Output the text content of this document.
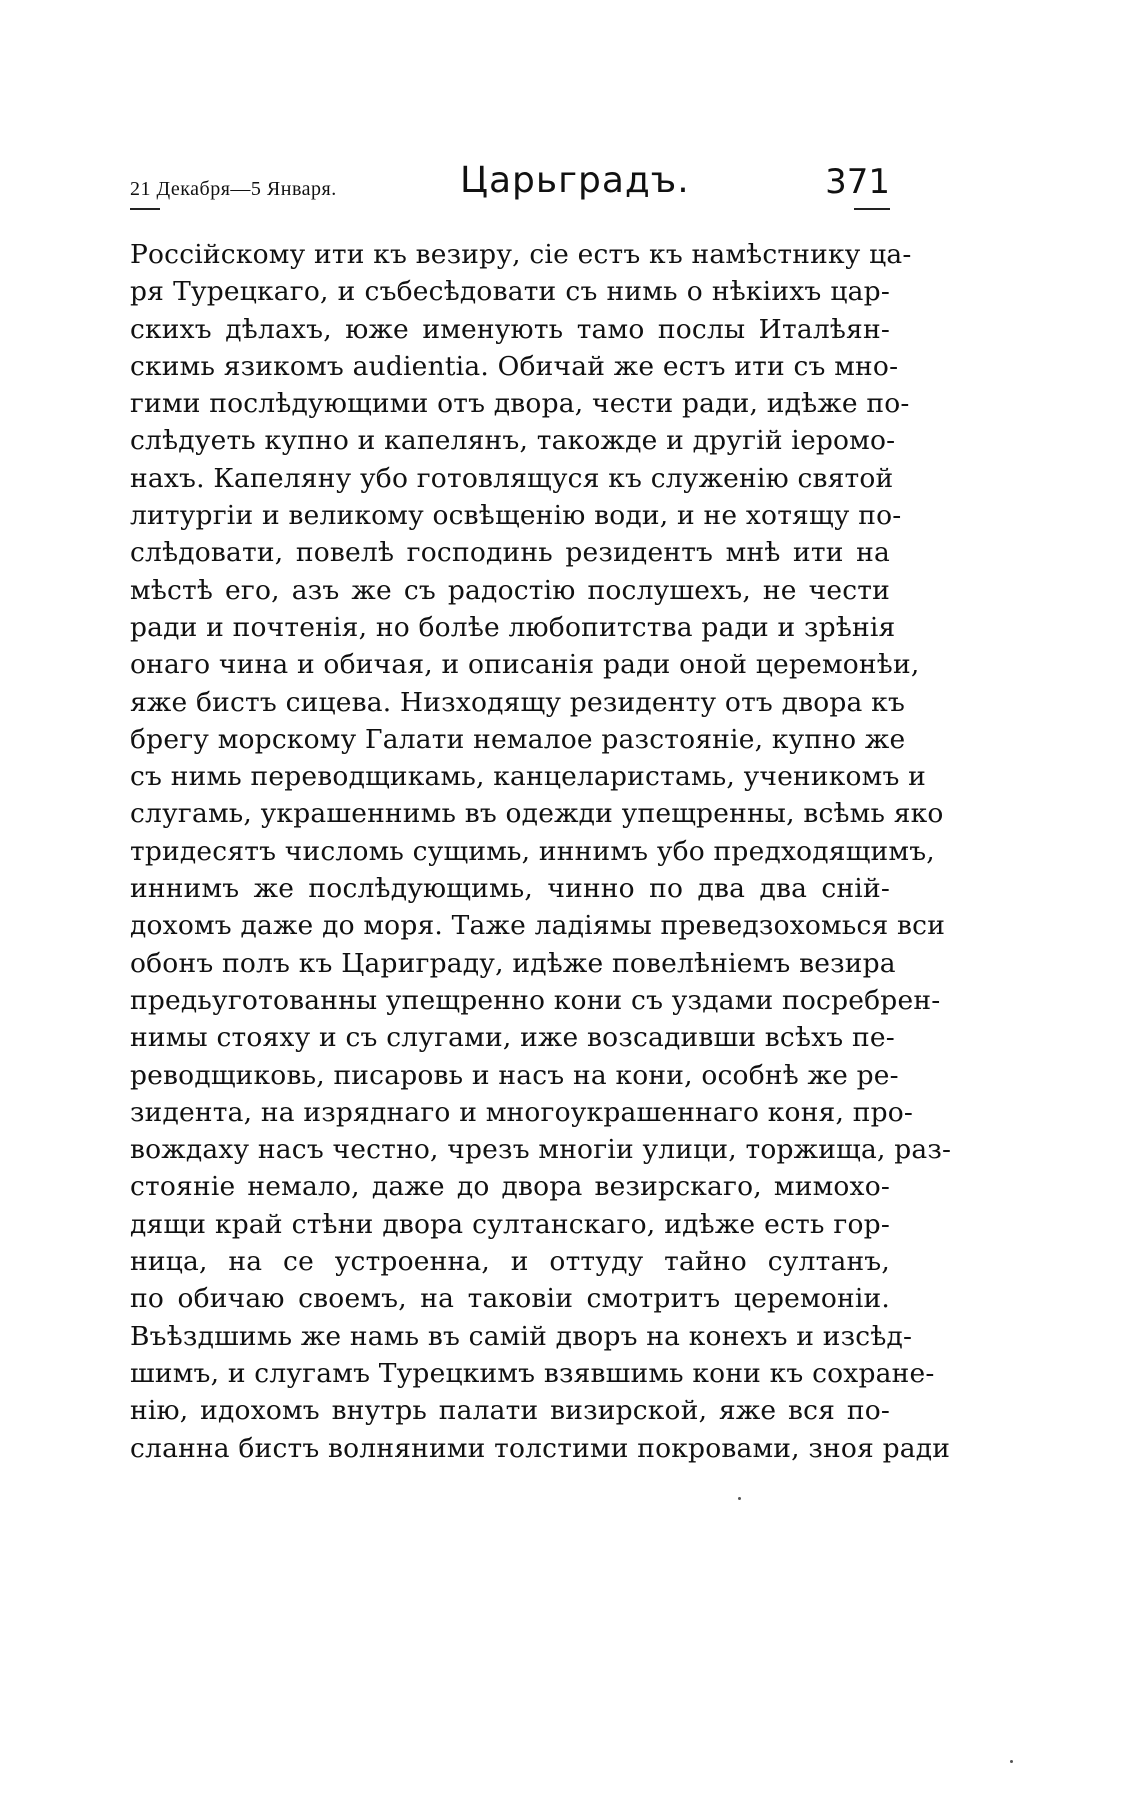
21 Декабря—5 Января.	Царьградъ.	371
Россійскому ити къ везиру, сіе естъ къ намѣстнику ца-
ря Турецкаго, и събесѣдовати съ нимь о нѣкіихъ цар-
скихъ дѣлахъ, юже именують тамо послы Италѣян-
скимь язикомъ audientia. Обичай же естъ ити съ мно-
гими послѣдующими отъ двора, чести ради, идѣже по-
слѣдуеть купно и капелянъ, такожде и другій іеромо-
нахъ. Капеляну убо готовлящуся къ служенію святой
литургіи и великому освѣщенію води, и не хотящу по-
слѣдовати, повелѣ господинь резидентъ мнѣ ити на
мѣстѣ его, азъ же съ радостію послушехъ, не чести
ради и почтенія, но болѣе любопитства ради и зрѣнія
онаго чина и обичая, и описанія ради оной церемонѣи,
яже бистъ сицева. Низходящу резиденту отъ двора къ
брегу морскому Галати немалое разстояніе, купно же
съ нимь переводщикамь, канцеларистамь, ученикомъ и
слугамь, украшеннимь въ одежди упещренны, всѣмь яко
тридесятъ числомь сущимь, иннимъ убо предходящимъ,
иннимъ же послѣдующимь, чинно по два два снiй-
дохомъ даже до моря. Таже ладіямы преведзохомься вси
обонъ полъ къ Цариграду, идѣже повелѣніемъ везира
предьуготованны упещренно кони съ уздами посребрен-
нимы стояху и съ слугами, иже возсадивши всѣхъ пе-
реводщиковь, писаровь и насъ на кони, особнѣ же ре-
зидента, на изряднаго и многоукрашеннаго коня, про-
вождаху насъ честно, чрезъ многіи улици, торжища, раз-
стояніе немало, даже до двора везирскаго, мимохо-
дящи край стѣни двора султанскаго, идѣже есть гор-
ница, на се устроенна, и оттуду тайно султанъ,
по обичаю своемъ, на таковіи смотритъ церемоніи.
Въѣздшимь же намь въ самій дворъ на конехъ и изсѣд-
шимъ, и слугамъ Турецкимъ взявшимь кони къ сохране-
нію, идохомъ внутрь палати визирской, яже вся по-
сланна бистъ волняними толстими покровами, зноя ради
